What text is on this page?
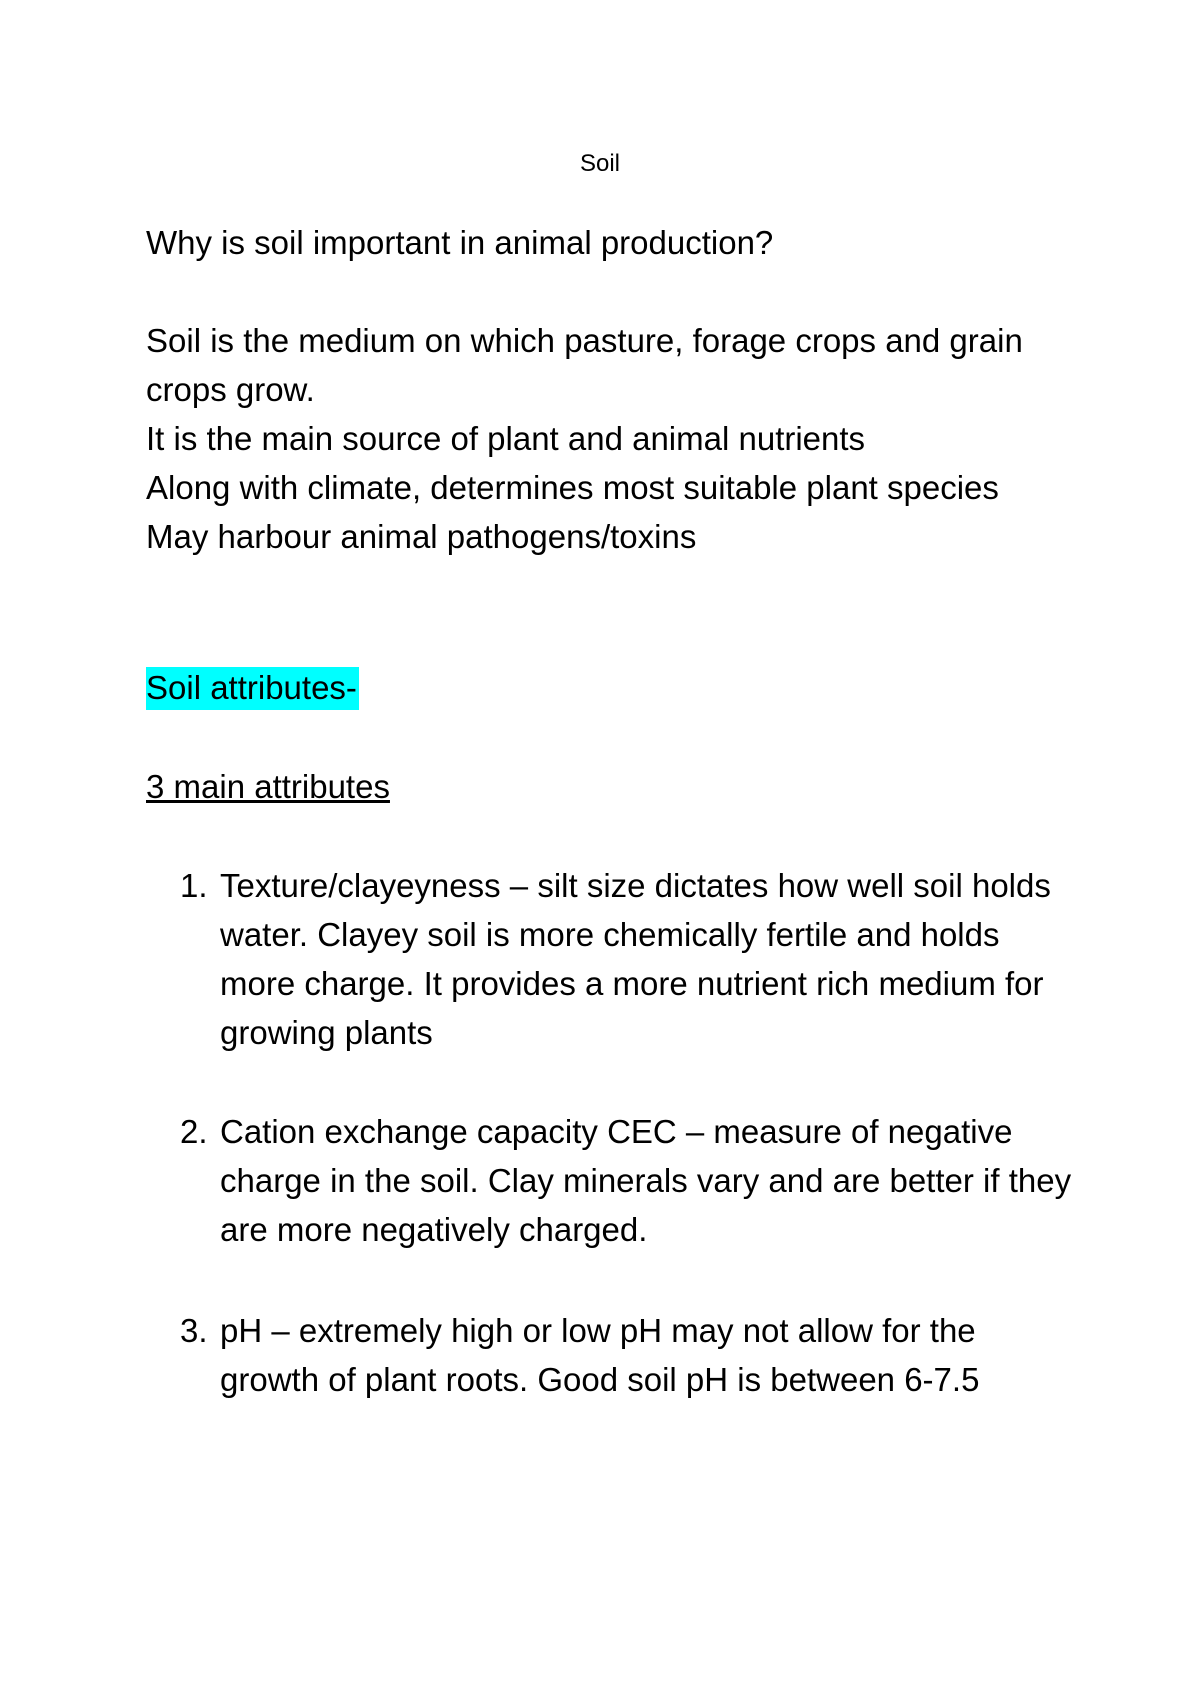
Soil
Why is soil important in animal production?

Soil is the medium on which pasture, forage crops and grain crops grow.

It is the main source of plant and animal nutrients

Along with climate, determines most suitable plant species

May harbour animal pathogens/toxins

Soil attributes-
3 main attributes
1. Texture/clayeyness – silt size dictates how well soil holds water. Clayey soil is more chemically fertile and holds more charge. It provides a more nutrient rich medium for growing plants
2. Cation exchange capacity CEC – measure of negative charge in the soil. Clay minerals vary and are better if they are more negatively charged.
3. pH – extremely high or low pH may not allow for the growth of plant roots. Good soil pH is between 6-7.5
